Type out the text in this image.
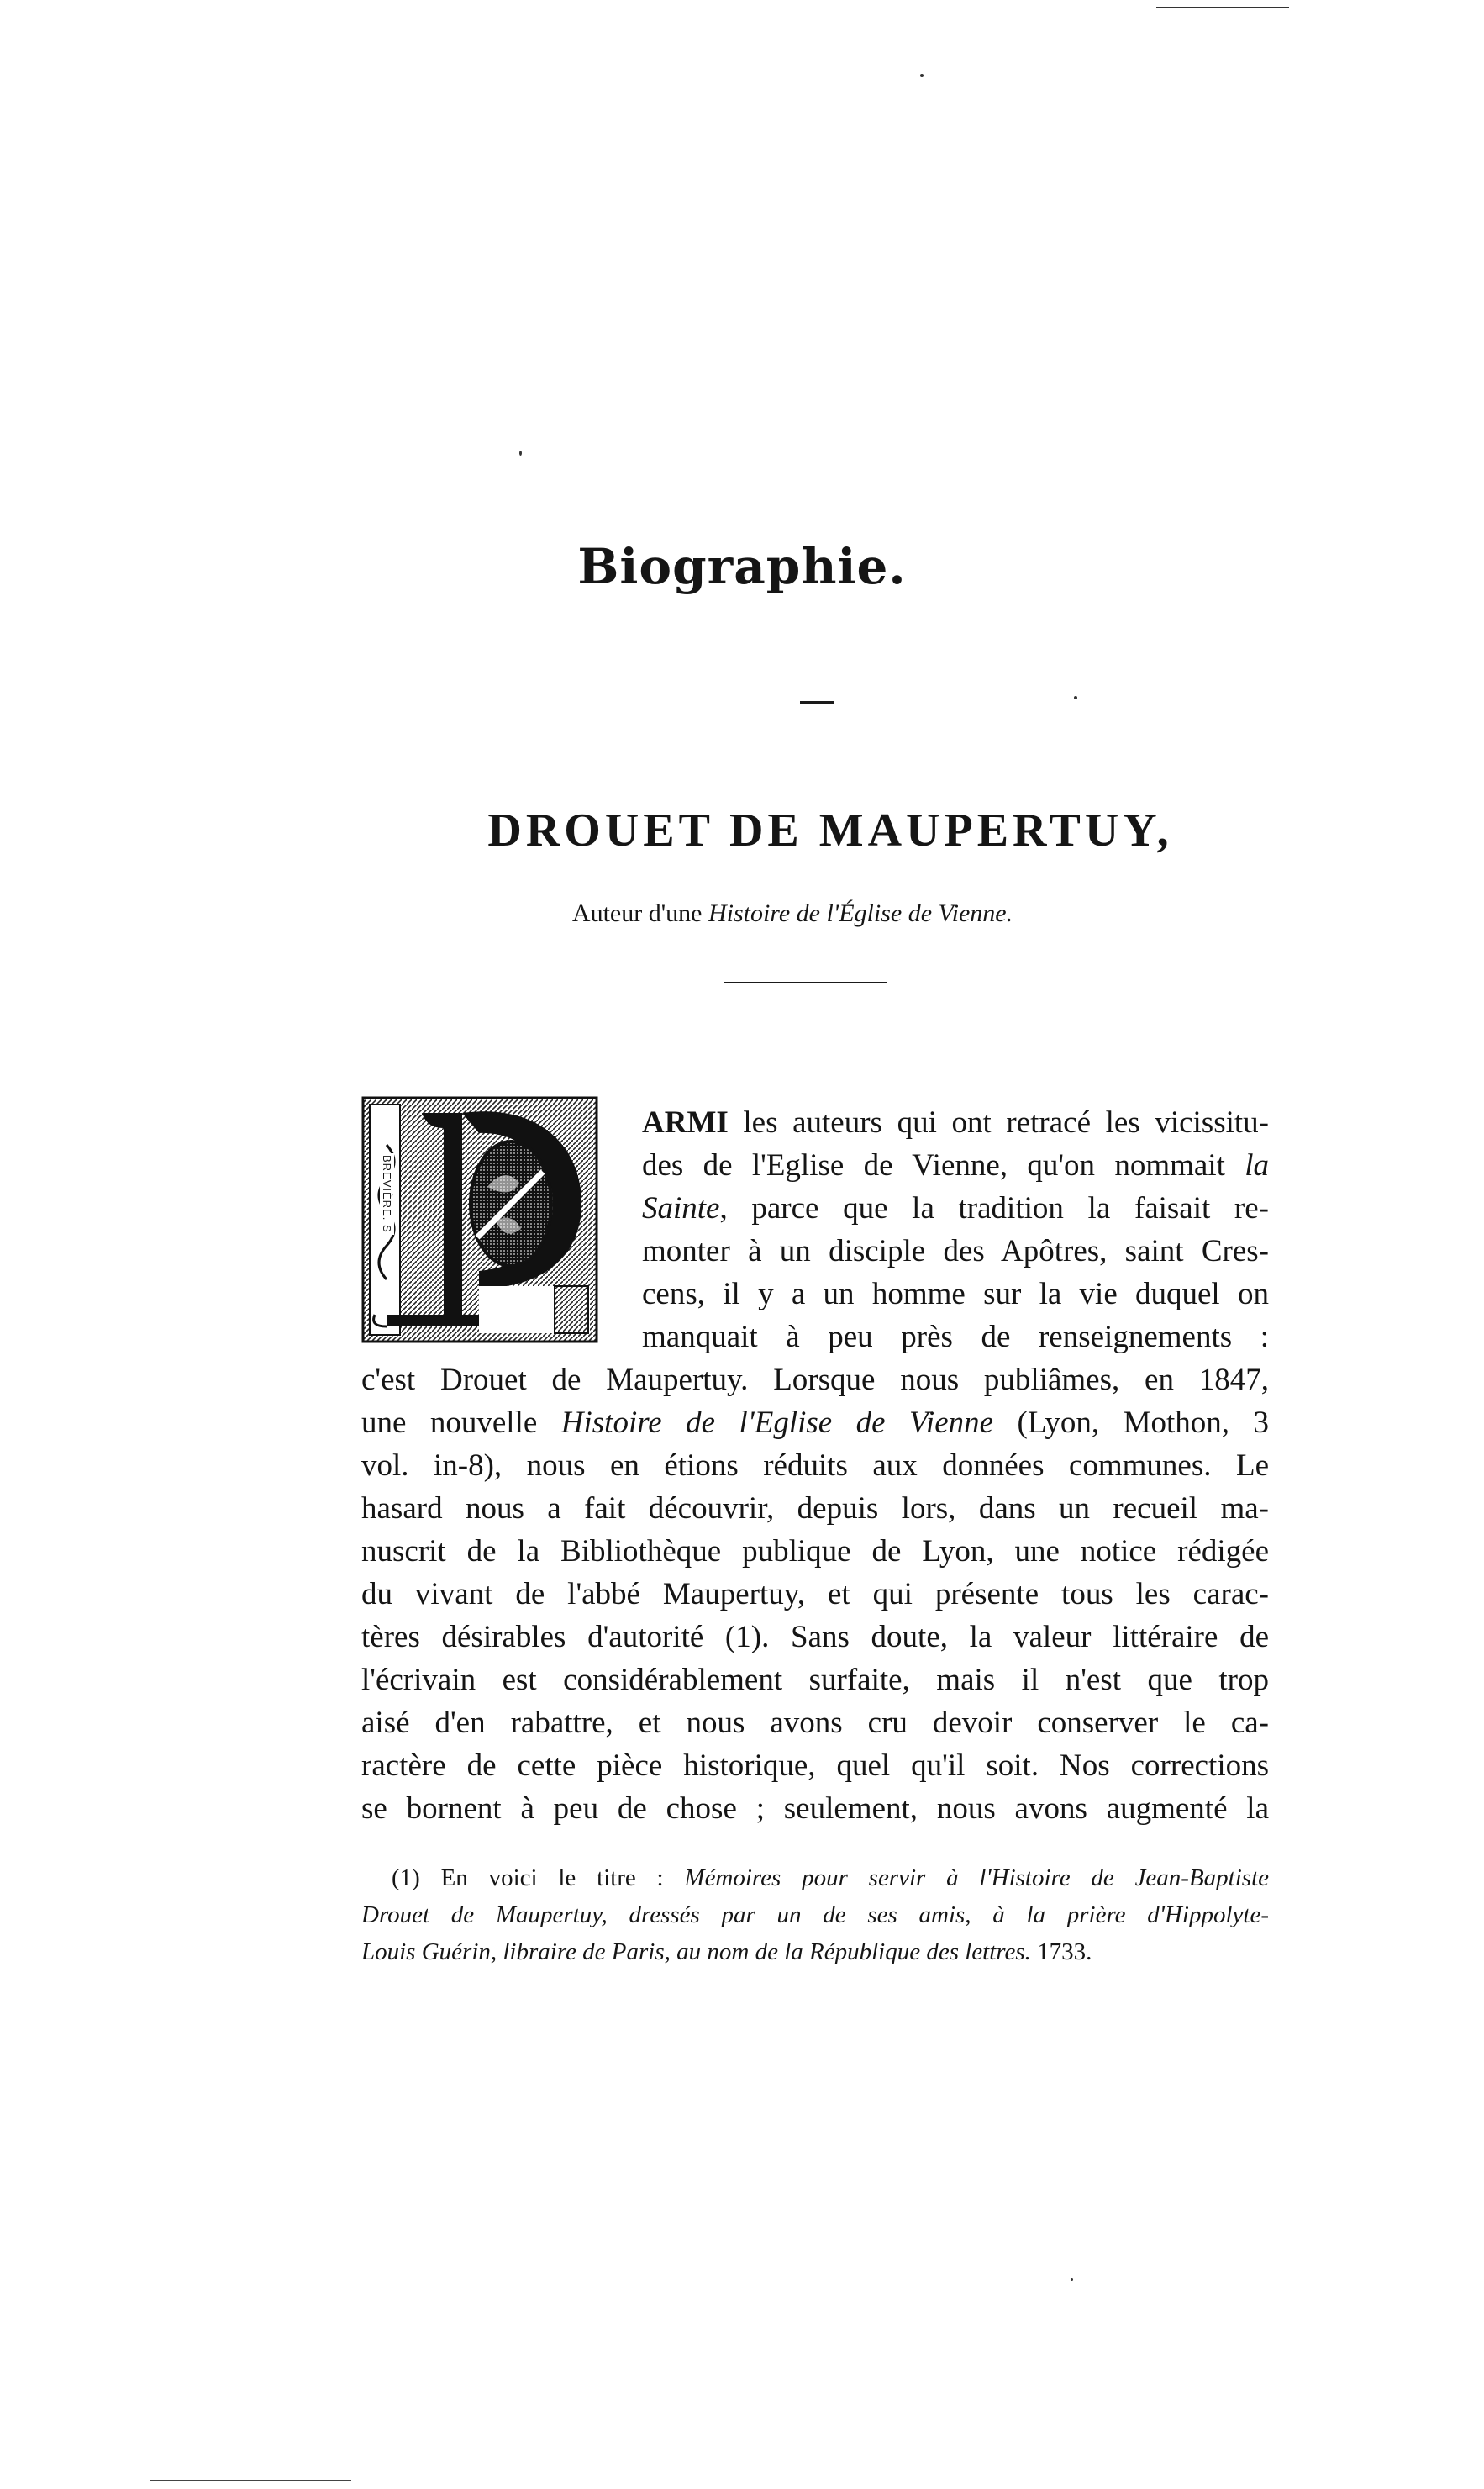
Biographie.
DROUET DE MAUPERTUY,
Auteur d'une Histoire de l'Église de Vienne.
BREVIÈRE. S
ARMI les auteurs qui ont retracé les vicissitu-
des de l'Eglise de Vienne, qu'on nommait la
Sainte, parce que la tradition la faisait re-
monter à un disciple des Apôtres, saint Cres-
cens, il y a un homme sur la vie duquel on
manquait à peu près de renseignements :
c'est Drouet de Maupertuy. Lorsque nous publiâmes, en 1847,
une nouvelle Histoire de l'Eglise de Vienne (Lyon, Mothon, 3
vol. in-8), nous en étions réduits aux données communes. Le
hasard nous a fait découvrir, depuis lors, dans un recueil ma-
nuscrit de la Bibliothèque publique de Lyon, une notice rédigée
du vivant de l'abbé Maupertuy, et qui présente tous les carac-
tères désirables d'autorité (1). Sans doute, la valeur littéraire de
l'écrivain est considérablement surfaite, mais il n'est que trop
aisé d'en rabattre, et nous avons cru devoir conserver le ca-
ractère de cette pièce historique, quel qu'il soit. Nos corrections
se bornent à peu de chose ; seulement, nous avons augmenté la
(1) En voici le titre : Mémoires pour servir à l'Histoire de Jean-Baptiste
Drouet de Maupertuy, dressés par un de ses amis, à la prière d'Hippolyte-
Louis Guérin, libraire de Paris, au nom de la République des lettres. 1733.
